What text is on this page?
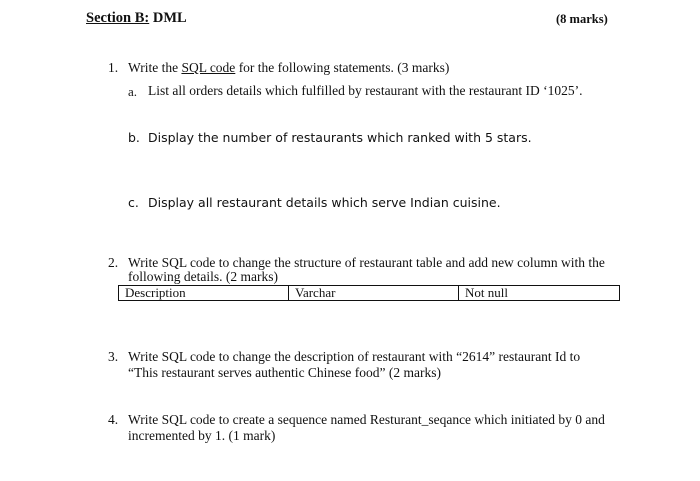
Section B: DML	(8 marks)
1. Write the SQL code for the following statements. (3 marks)
a. List all orders details which fulfilled by restaurant with the restaurant ID ‘1025’.
b. Display the number of restaurants which ranked with 5 stars.
c. Display all restaurant details which serve Indian cuisine.
2. Write SQL code to change the structure of restaurant table and add new column with the
following details. (2 marks)
Description	Varchar	Not null
3. Write SQL code to change the description of restaurant with “2614” restaurant Id to
“This restaurant serves authentic Chinese food” (2 marks)
4. Write SQL code to create a sequence named Resturant_seqance which initiated by 0 and
incremented by 1. (1 mark)
